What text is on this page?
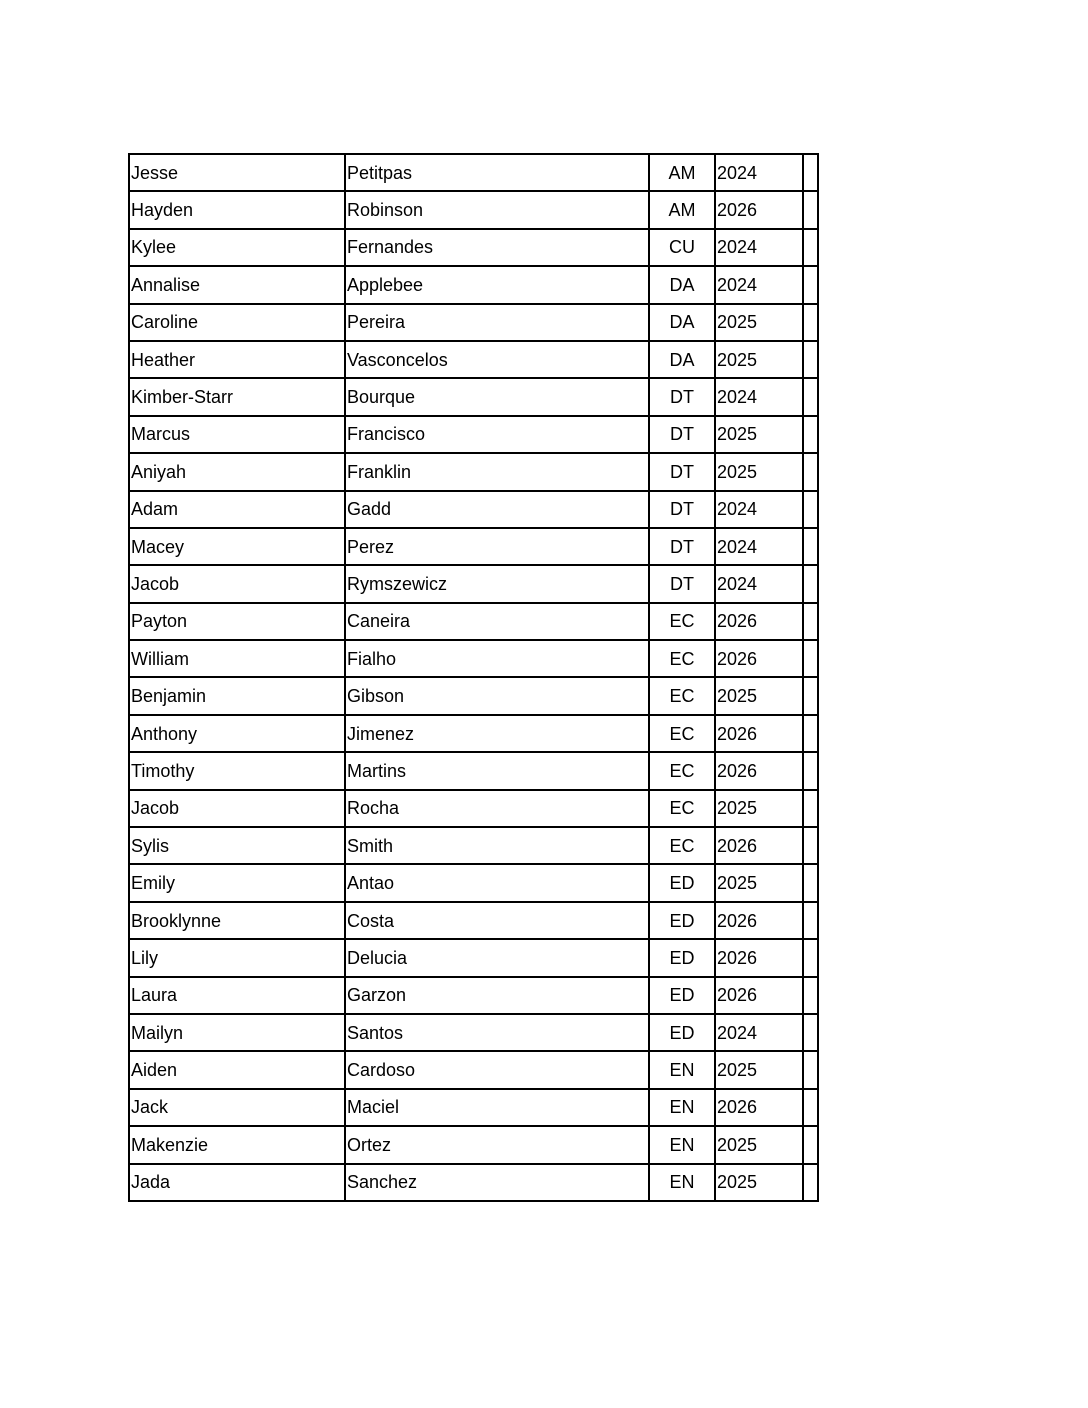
Jesse	Petitpas	AM	2024	
Hayden	Robinson	AM	2026	
Kylee	Fernandes	CU	2024	
Annalise	Applebee	DA	2024	
Caroline	Pereira	DA	2025	
Heather	Vasconcelos	DA	2025	
Kimber-Starr	Bourque	DT	2024	
Marcus	Francisco	DT	2025	
Aniyah	Franklin	DT	2025	
Adam	Gadd	DT	2024	
Macey	Perez	DT	2024	
Jacob	Rymszewicz	DT	2024	
Payton	Caneira	EC	2026	
William	Fialho	EC	2026	
Benjamin	Gibson	EC	2025	
Anthony	Jimenez	EC	2026	
Timothy	Martins	EC	2026	
Jacob	Rocha	EC	2025	
Sylis	Smith	EC	2026	
Emily	Antao	ED	2025	
Brooklynne	Costa	ED	2026	
Lily	Delucia	ED	2026	
Laura	Garzon	ED	2026	
Mailyn	Santos	ED	2024	
Aiden	Cardoso	EN	2025	
Jack	Maciel	EN	2026	
Makenzie	Ortez	EN	2025	
Jada	Sanchez	EN	2025	
